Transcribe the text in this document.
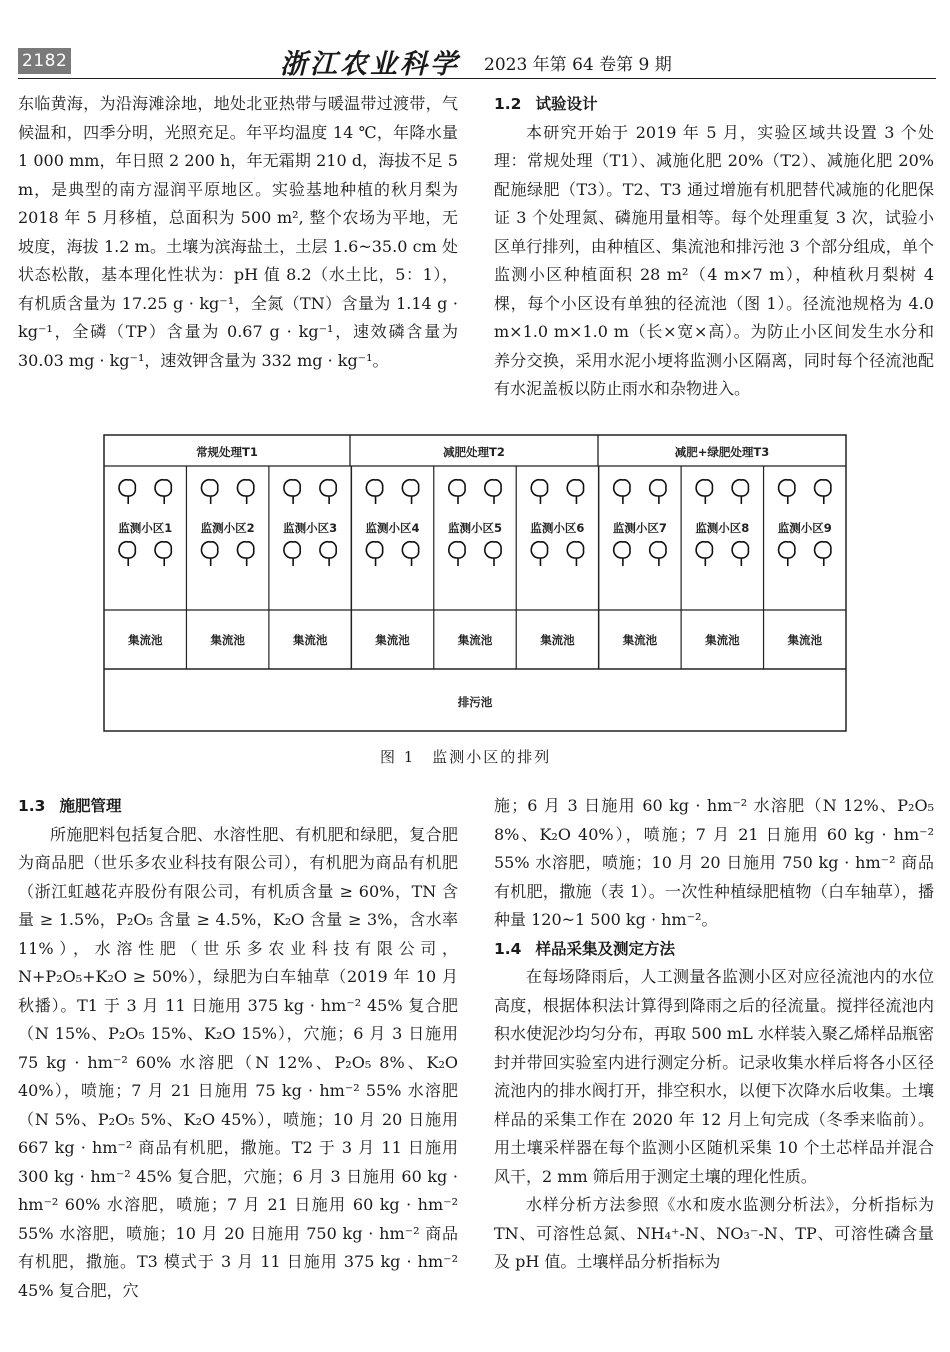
2182	浙江农业科学 2023 年第 64 卷第 9 期

东临黄海，为沿海滩涂地，地处北亚热带与暖温带过渡带，气候温和，四季分明，光照充足。年平均温度 14 ℃，年降水量 1 000 mm，年日照 2 200 h，年无霜期 210 d，海拔不足 5 m，是典型的南方湿润平原地区。实验基地种植的秋月梨为 2018 年 5 月移植，总面积为 500 m², 整个农场为平地，无坡度，海拔 1.2 m。土壤为滨海盐土，土层 1.6~35.0 cm 处状态松散，基本理化性状为：pH 值 8.2（水土比，5：1），有机质含量为 17.25 g · kg⁻¹，全氮（TN）含量为 1.14 g · kg⁻¹，全磷（TP）含量为 0.67 g · kg⁻¹，速效磷含量为 30.03 mg · kg⁻¹，速效钾含量为 332 mg · kg⁻¹。

1.2 试验设计

本研究开始于 2019 年 5 月，实验区域共设置 3 个处理：常规处理（T1）、减施化肥 20%（T2）、减施化肥 20% 配施绿肥（T3）。T2、T3 通过增施有机肥替代减施的化肥保证 3 个处理氮、磷施用量相等。每个处理重复 3 次，试验小区单行排列，由种植区、集流池和排污池 3 个部分组成，单个监测小区种植面积 28 m²（4 m×7 m），种植秋月梨树 4 棵，每个小区设有单独的径流池（图 1）。径流池规格为 4.0 m×1.0 m×1.0 m（长×宽×高）。为防止小区间发生水分和养分交换，采用水泥小埂将监测小区隔离，同时每个径流池配有水泥盖板以防止雨水和杂物进入。

常规处理T1	减肥处理T2	减肥+绿肥处理T3
监测小区1
集流池
监测小区2
集流池
监测小区3
集流池
监测小区4
集流池
监测小区5
集流池
监测小区6
集流池
监测小区7
集流池
监测小区8
集流池
监测小区9
集流池
排污池
图 1　监测小区的排列
1.3 施肥管理

所施肥料包括复合肥、水溶性肥、有机肥和绿肥，复合肥为商品肥（世乐多农业科技有限公司），有机肥为商品有机肥（浙江虹越花卉股份有限公司，有机质含量 ≥ 60%，TN 含量 ≥ 1.5%，P₂O₅ 含量 ≥ 4.5%，K₂O 含量 ≥ 3%，含水率 11%），水溶性肥（世乐多农业科技有限公司，N+P₂O₅+K₂O ≥ 50%），绿肥为白车轴草（2019 年 10 月秋播）。T1 于 3 月 11 日施用 375 kg · hm⁻² 45% 复合肥（N 15%、P₂O₅ 15%、K₂O 15%），穴施；6 月 3 日施用 75 kg · hm⁻² 60% 水溶肥（N 12%、P₂O₅ 8%、K₂O 40%），喷施；7 月 21 日施用 75 kg · hm⁻² 55% 水溶肥（N 5%、P₂O₅ 5%、K₂O 45%），喷施；10 月 20 日施用 667 kg · hm⁻² 商品有机肥，撒施。T2 于 3 月 11 日施用 300 kg · hm⁻² 45% 复合肥，穴施；6 月 3 日施用 60 kg · hm⁻² 60% 水溶肥，喷施；7 月 21 日施用 60 kg · hm⁻² 55% 水溶肥，喷施；10 月 20 日施用 750 kg · hm⁻² 商品有机肥，撒施。T3 模式于 3 月 11 日施用 375 kg · hm⁻² 45% 复合肥，穴

施；6 月 3 日施用 60 kg · hm⁻² 水溶肥（N 12%、P₂O₅ 8%、K₂O 40%），喷施；7 月 21 日施用 60 kg · hm⁻² 55% 水溶肥，喷施；10 月 20 日施用 750 kg · hm⁻² 商品有机肥，撒施（表 1）。一次性种植绿肥植物（白车轴草），播种量 120~1 500 kg · hm⁻²。

1.4 样品采集及测定方法

在每场降雨后，人工测量各监测小区对应径流池内的水位高度，根据体积法计算得到降雨之后的径流量。搅拌径流池内积水使泥沙均匀分布，再取 500 mL 水样装入聚乙烯样品瓶密封并带回实验室内进行测定分析。记录收集水样后将各小区径流池内的排水阀打开，排空积水，以便下次降水后收集。土壤样品的采集工作在 2020 年 12 月上旬完成（冬季来临前）。用土壤采样器在每个监测小区随机采集 10 个土芯样品并混合风干，2 mm 筛后用于测定土壤的理化性质。

水样分析方法参照《水和废水监测分析法》，分析指标为 TN、可溶性总氮、NH₄⁺-N、NO₃⁻-N、TP、可溶性磷含量及 pH 值。土壤样品分析指标为
